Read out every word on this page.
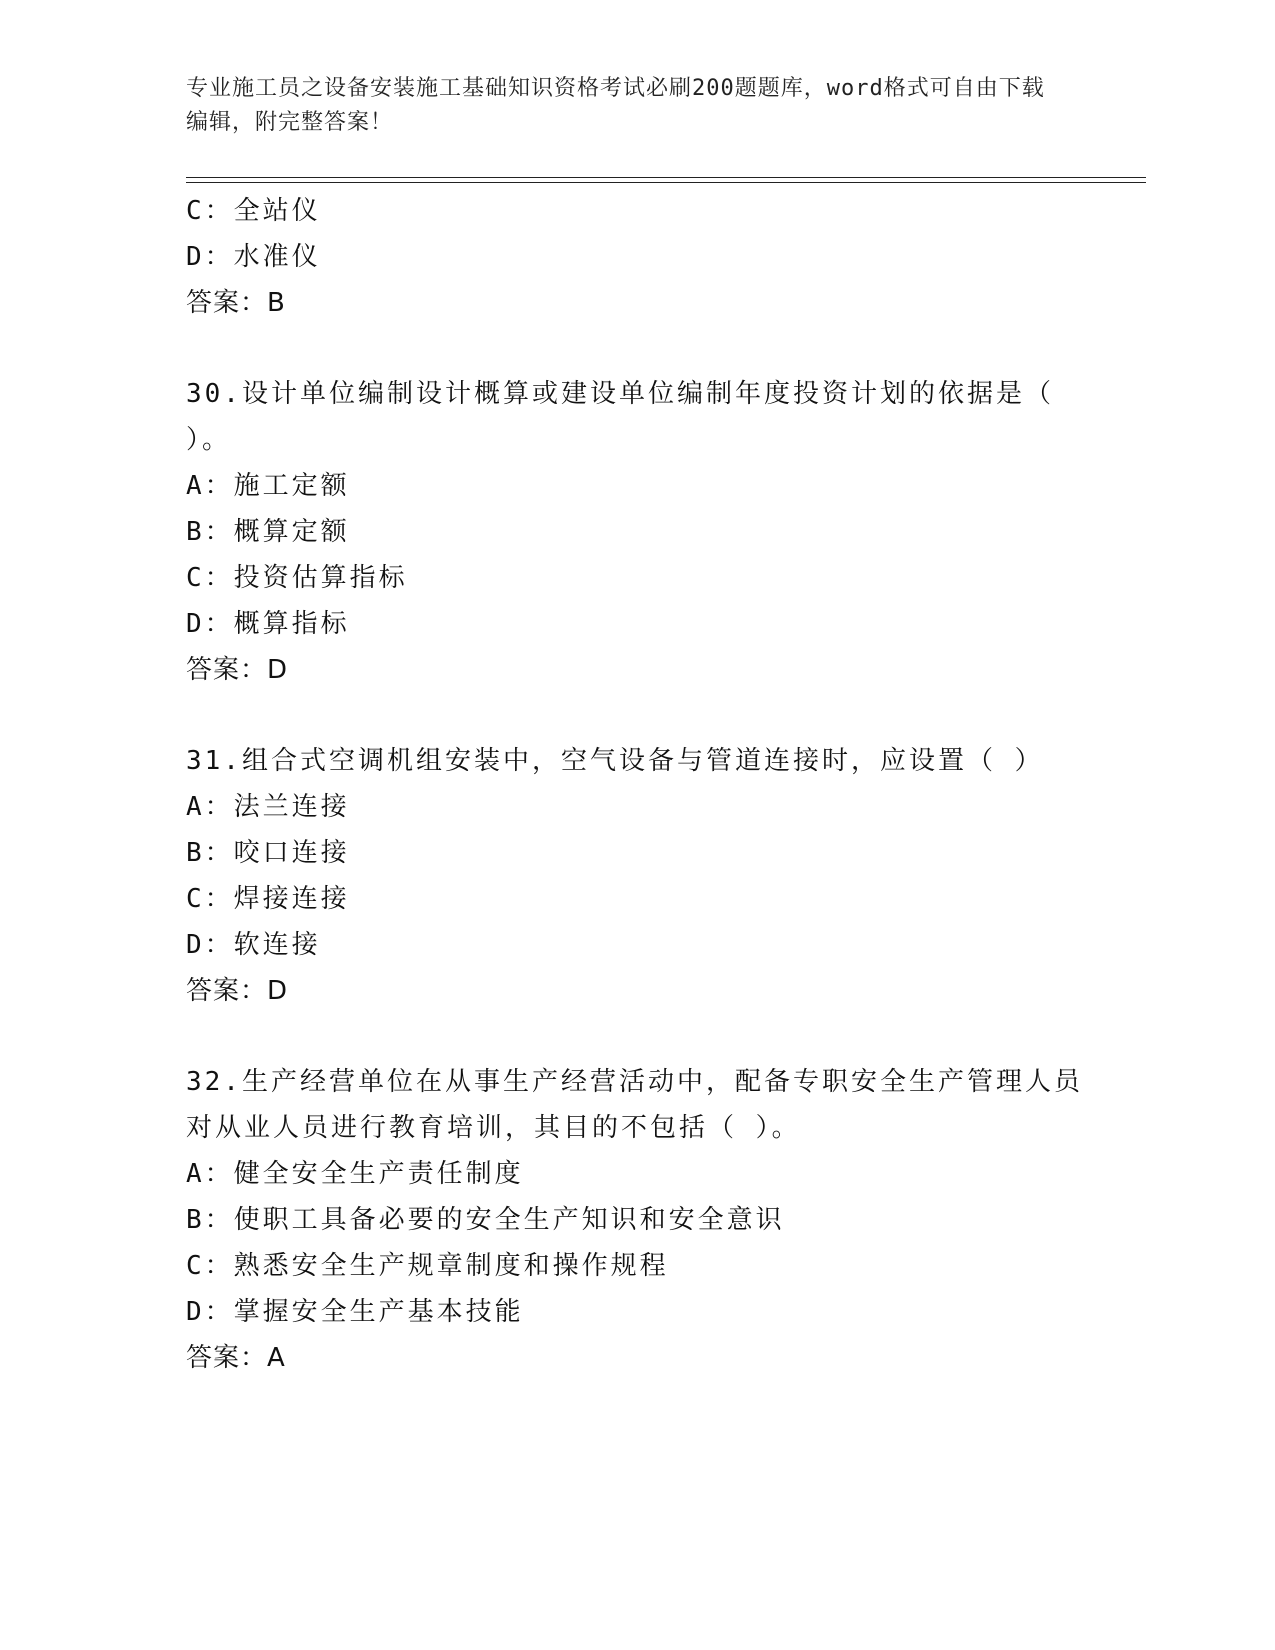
专业施工员之设备安装施工基础知识资格考试必刷200题题库，word格式可自由下载编辑，附完整答案！
C：全站仪
D：水准仪
答案：B
30.设计单位编制设计概算或建设单位编制年度投资计划的依据是（
）。
A：施工定额
B：概算定额
C：投资估算指标
D：概算指标
答案：D
31.组合式空调机组安装中，空气设备与管道连接时，应设置（ ）
A：法兰连接
B：咬口连接
C：焊接连接
D：软连接
答案：D
32.生产经营单位在从事生产经营活动中，配备专职安全生产管理人员
对从业人员进行教育培训，其目的不包括（ ）。
A：健全安全生产责任制度
B：使职工具备必要的安全生产知识和安全意识
C：熟悉安全生产规章制度和操作规程
D：掌握安全生产基本技能
答案：A
